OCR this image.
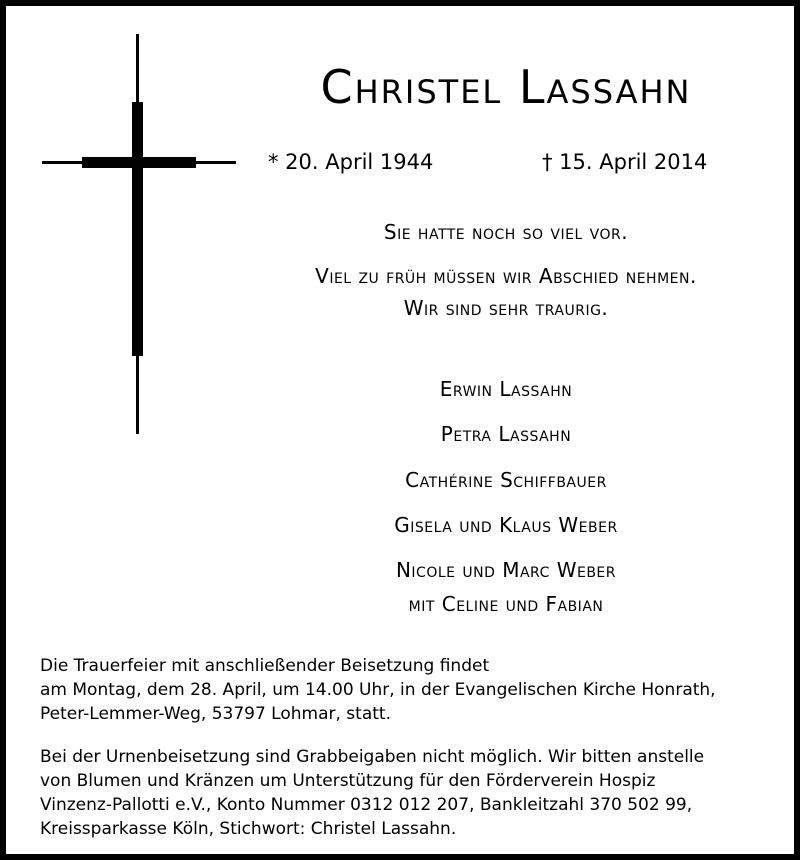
Christel Lassahn
* 20. April 1944	† 15. April 2014
Sie hatte noch so viel vor.
Viel zu früh müssen wir Abschied nehmen.
Wir sind sehr traurig.
Erwin Lassahn
Petra Lassahn
Cathérine Schiffbauer
Gisela und Klaus Weber
Nicole und Marc Weber
mit Celine und Fabian
Die Trauerfeier mit anschließender Beisetzung findet
am Montag, dem 28. April, um 14.00 Uhr, in der Evangelischen Kirche Honrath,
Peter-Lemmer-Weg, 53797 Lohmar, statt.
Bei der Urnenbeisetzung sind Grabbeigaben nicht möglich. Wir bitten anstelle
von Blumen und Kränzen um Unterstützung für den Förderverein Hospiz
Vinzenz-Pallotti e.V., Konto Nummer 0312 012 207, Bankleitzahl 370 502 99,
Kreissparkasse Köln, Stichwort: Christel Lassahn.
